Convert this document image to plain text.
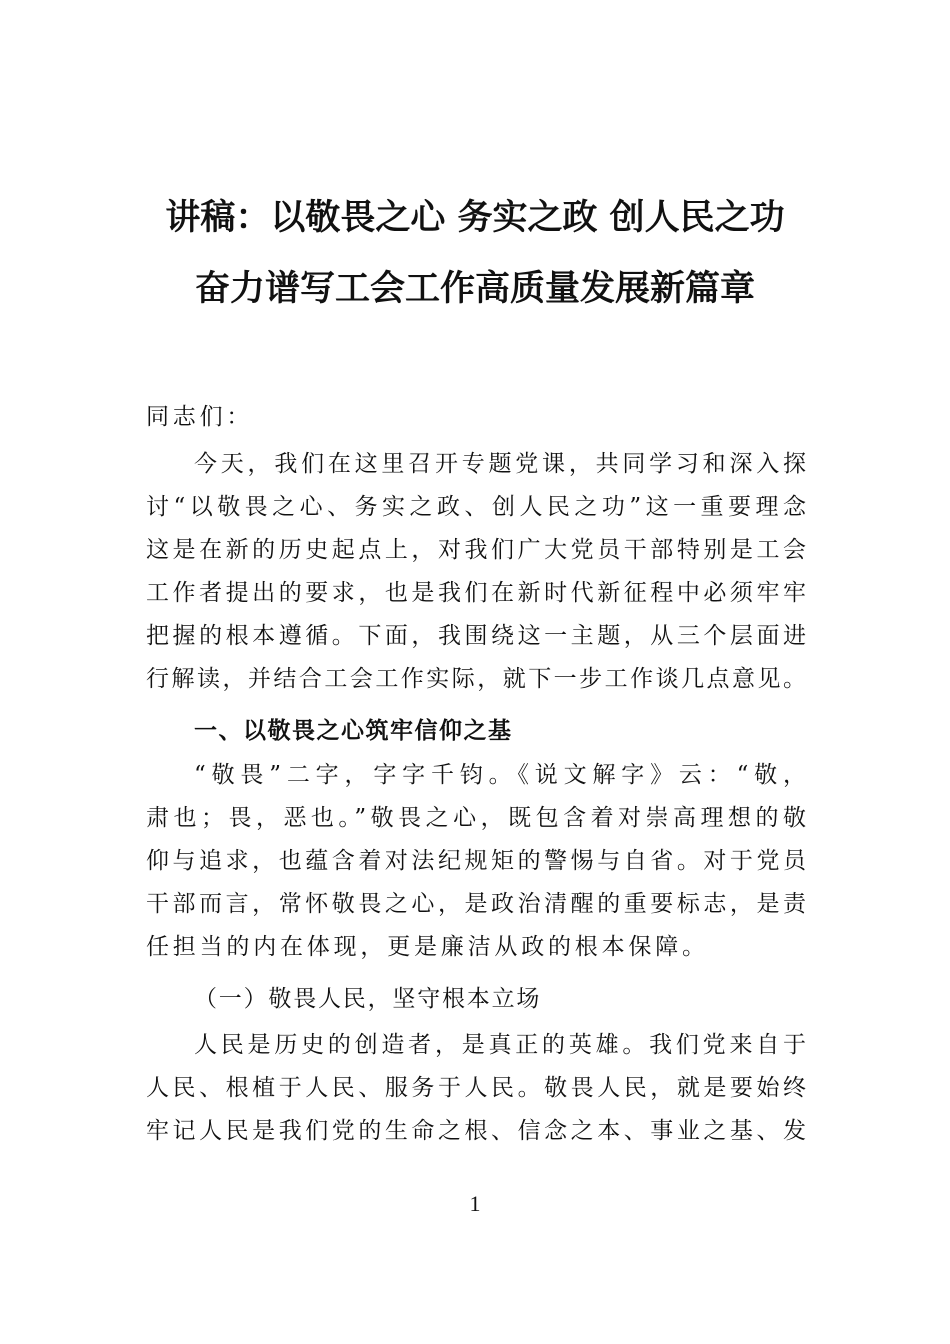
讲稿：以敬畏之心 务实之政 创人民之功
奋力谱写工会工作高质量发展新篇章
同志们：
今天，我们在这里召开专题党课，共同学习和深入探
讨“以敬畏之心、务实之政、创人民之功”这一重要理念
这是在新的历史起点上，对我们广大党员干部特别是工会
工作者提出的要求，也是我们在新时代新征程中必须牢牢
把握的根本遵循。下面，我围绕这一主题，从三个层面进
行解读，并结合工会工作实际，就下一步工作谈几点意见。
一、以敬畏之心筑牢信仰之基
“敬畏”二字，字字千钧。《说文解字》云：“敬，
肃也；畏，恶也。”敬畏之心，既包含着对崇高理想的敬
仰与追求，也蕴含着对法纪规矩的警惕与自省。对于党员
干部而言，常怀敬畏之心，是政治清醒的重要标志，是责
任担当的内在体现，更是廉洁从政的根本保障。
（一）敬畏人民，坚守根本立场
人民是历史的创造者，是真正的英雄。我们党来自于
人民、根植于人民、服务于人民。敬畏人民，就是要始终
牢记人民是我们党的生命之根、信念之本、事业之基、发
1
